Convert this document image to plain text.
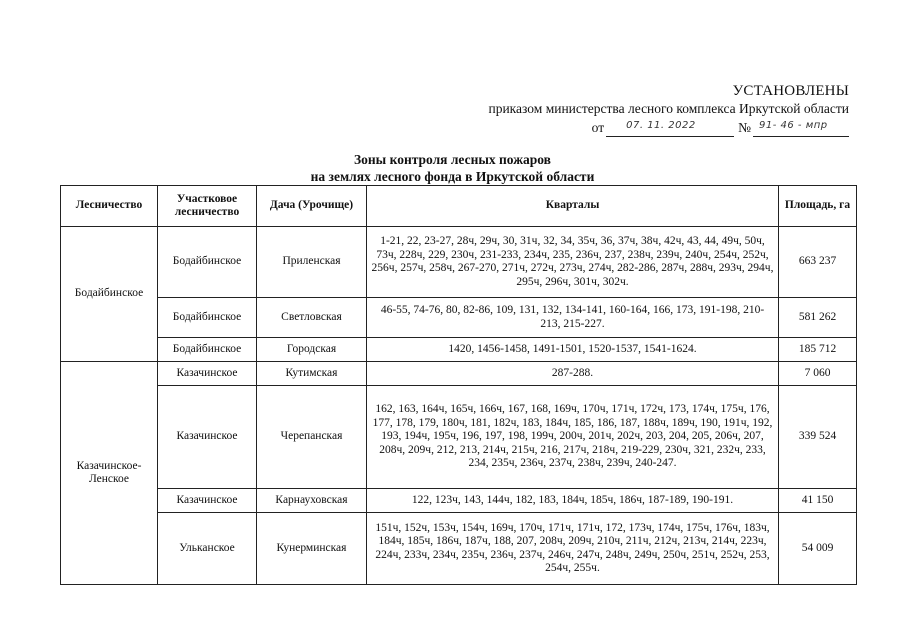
УСТАНОВЛЕНЫ
приказом министерства лесного комплекса Иркутской области
от 07. 11. 2022	№ 91- 46 - мпр
Зоны контроля лесных пожаров
на землях лесного фонда в Иркутской области
Лесничество	Участковое лесничество	Дача (Урочище)	Кварталы	Площадь, га
Бодайбинское	Бодайбинское	Приленская	1-21, 22, 23-27, 28ч, 29ч, 30, 31ч, 32, 34, 35ч, 36, 37ч, 38ч, 42ч, 43, 44, 49ч, 50ч, 73ч, 228ч, 229, 230ч, 231-233, 234ч, 235, 236ч, 237, 238ч, 239ч, 240ч, 254ч, 252ч, 256ч, 257ч, 258ч, 267-270, 271ч, 272ч, 273ч, 274ч, 282-286, 287ч, 288ч, 293ч, 294ч, 295ч, 296ч, 301ч, 302ч.	663 237
	Бодайбинское	Светловская	46-55, 74-76, 80, 82-86, 109, 131, 132, 134-141, 160-164, 166, 173, 191-198, 210-213, 215-227.	581 262
	Бодайбинское	Городская	1420, 1456-1458, 1491-1501, 1520-1537, 1541-1624.	185 712
Казачинское-Ленское	Казачинское	Кутимская	287-288.	7 060
	Казачинское	Черепанская	162, 163, 164ч, 165ч, 166ч, 167, 168, 169ч, 170ч, 171ч, 172ч, 173, 174ч, 175ч, 176, 177, 178, 179, 180ч, 181, 182ч, 183, 184ч, 185, 186, 187, 188ч, 189ч, 190, 191ч, 192, 193, 194ч, 195ч, 196, 197, 198, 199ч, 200ч, 201ч, 202ч, 203, 204, 205, 206ч, 207, 208ч, 209ч, 212, 213, 214ч, 215ч, 216, 217ч, 218ч, 219-229, 230ч, 321, 232ч, 233, 234, 235ч, 236ч, 237ч, 238ч, 239ч, 240-247.	339 524
	Казачинское	Карнауховская	122, 123ч, 143, 144ч, 182, 183, 184ч, 185ч, 186ч, 187-189, 190-191.	41 150
	Ульканское	Кунерминская	151ч, 152ч, 153ч, 154ч, 169ч, 170ч, 171ч, 171ч, 172, 173ч, 174ч, 175ч, 176ч, 183ч, 184ч, 185ч, 186ч, 187ч, 188, 207, 208ч, 209ч, 210ч, 211ч, 212ч, 213ч, 214ч, 223ч, 224ч, 233ч, 234ч, 235ч, 236ч, 237ч, 246ч, 247ч, 248ч, 249ч, 250ч, 251ч, 252ч, 253, 254ч, 255ч.	54 009
